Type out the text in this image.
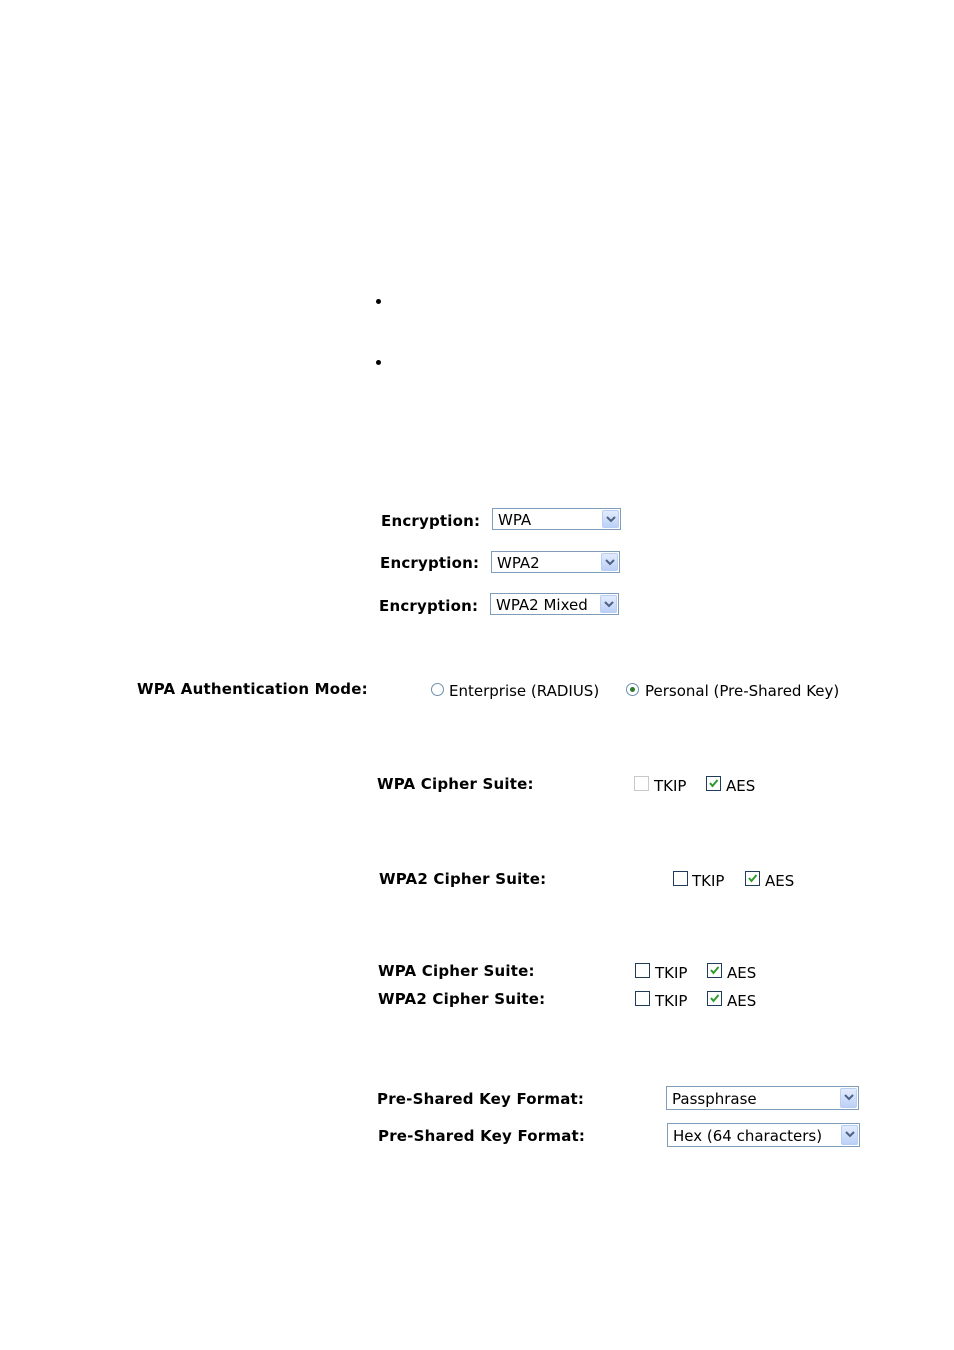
Encryption: WPA
Encryption: WPA2
Encryption: WPA2 Mixed
WPA Authentication Mode:	Enterprise (RADIUS)	Personal (Pre-Shared Key)
WPA Cipher Suite:	TKIP	AES
WPA2 Cipher Suite:	TKIP	AES
WPA Cipher Suite:	TKIP	AES
WPA2 Cipher Suite:	TKIP	AES
Pre-Shared Key Format:	Passphrase
Pre-Shared Key Format:	Hex (64 characters)
